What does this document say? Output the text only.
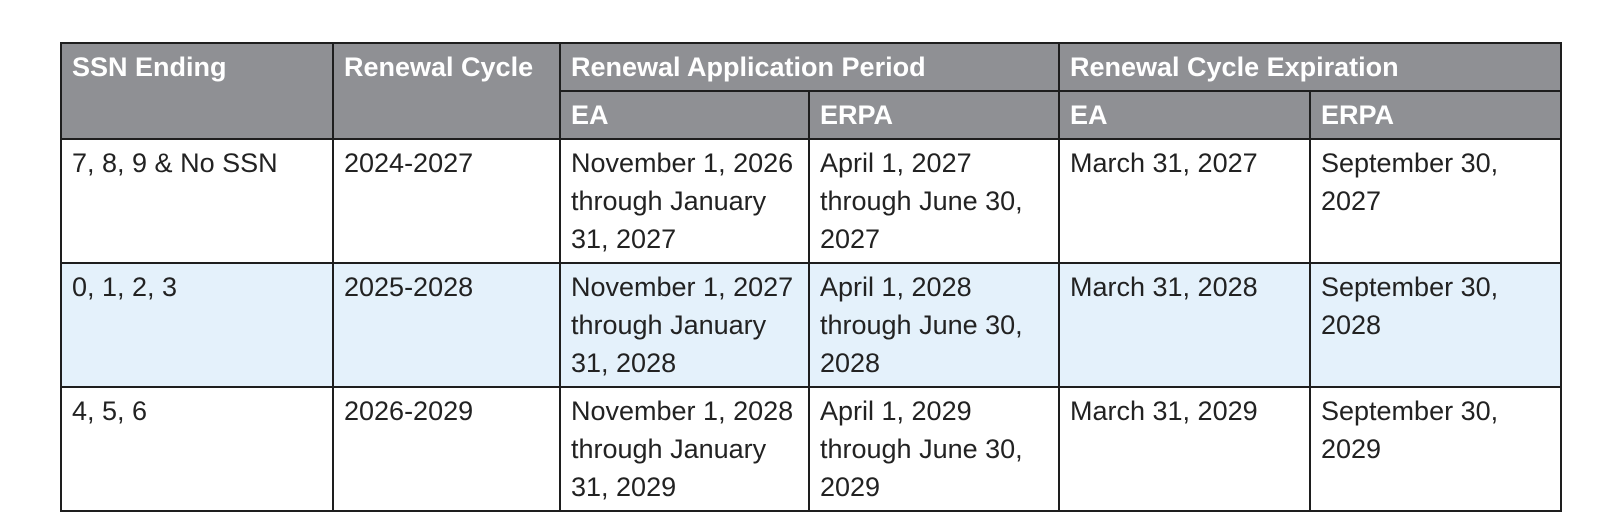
SSN Ending	Renewal Cycle	Renewal Application Period		Renewal Cycle Expiration	
		EA	ERPA	EA	ERPA
7, 8, 9 & No SSN	2024-2027	November 1, 2026 through January 31, 2027	April 1, 2027 through June 30, 2027	March 31, 2027	September 30, 2027
0, 1, 2, 3	2025-2028	November 1, 2027 through January 31, 2028	April 1, 2028 through June 30, 2028	March 31, 2028	September 30, 2028
4, 5, 6	2026-2029	November 1, 2028 through January 31, 2029	April 1, 2029 through June 30, 2029	March 31, 2029	September 30, 2029
